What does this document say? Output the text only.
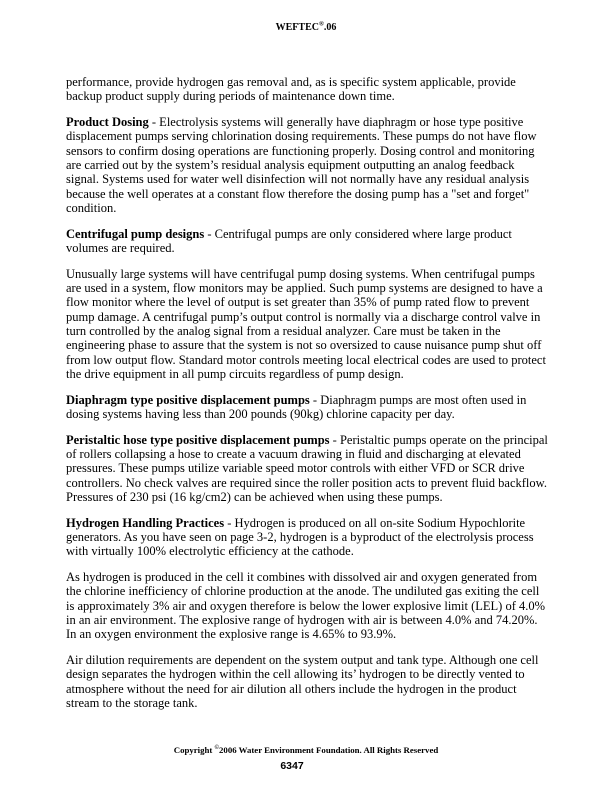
WEFTEC®.06

performance, provide hydrogen gas removal and, as is specific system applicable, provide backup product supply during periods of maintenance down time.

Product Dosing - Electrolysis systems will generally have diaphragm or hose type positive displacement pumps serving chlorination dosing requirements. These pumps do not have flow sensors to confirm dosing operations are functioning properly. Dosing control and monitoring are carried out by the system’s residual analysis equipment outputting an analog feedback signal. Systems used for water well disinfection will not normally have any residual analysis because the well operates at a constant flow therefore the dosing pump has a "set and forget" condition.

Centrifugal pump designs - Centrifugal pumps are only considered where large product volumes are required.

Unusually large systems will have centrifugal pump dosing systems. When centrifugal pumps are used in a system, flow monitors may be applied. Such pump systems are designed to have a flow monitor where the level of output is set greater than 35% of pump rated flow to prevent pump damage. A centrifugal pump’s output control is normally via a discharge control valve in turn controlled by the analog signal from a residual analyzer. Care must be taken in the engineering phase to assure that the system is not so oversized to cause nuisance pump shut off from low output flow. Standard motor controls meeting local electrical codes are used to protect the drive equipment in all pump circuits regardless of pump design.

Diaphragm type positive displacement pumps - Diaphragm pumps are most often used in dosing systems having less than 200 pounds (90kg) chlorine capacity per day.

Peristaltic hose type positive displacement pumps - Peristaltic pumps operate on the principal of rollers collapsing a hose to create a vacuum drawing in fluid and discharging at elevated pressures. These pumps utilize variable speed motor controls with either VFD or SCR drive controllers. No check valves are required since the roller position acts to prevent fluid backflow. Pressures of 230 psi (16 kg/cm2) can be achieved when using these pumps.

Hydrogen Handling Practices - Hydrogen is produced on all on-site Sodium Hypochlorite generators. As you have seen on page 3-2, hydrogen is a byproduct of the electrolysis process with virtually 100% electrolytic efficiency at the cathode.

As hydrogen is produced in the cell it combines with dissolved air and oxygen generated from the chlorine inefficiency of chlorine production at the anode. The undiluted gas exiting the cell is approximately 3% air and oxygen therefore is below the lower explosive limit (LEL) of 4.0% in an air environment. The explosive range of hydrogen with air is between 4.0% and 74.20%. In an oxygen environment the explosive range is 4.65% to 93.9%.

Air dilution requirements are dependent on the system output and tank type. Although one cell design separates the hydrogen within the cell allowing its’ hydrogen to be directly vented to atmosphere without the need for air dilution all others include the hydrogen in the product stream to the storage tank.

Copyright ©2006 Water Environment Foundation. All Rights Reserved
6347
